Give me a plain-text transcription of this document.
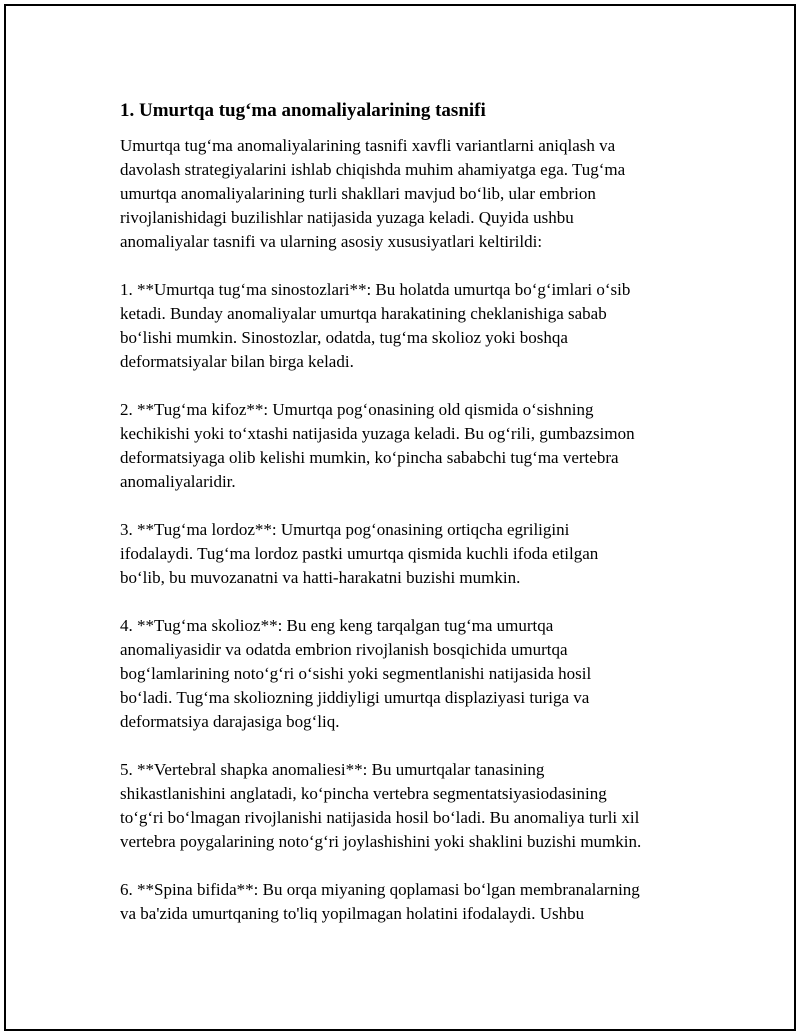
1. Umurtqa tug‘ma anomaliyalarining tasnifi

Umurtqa tug‘ma anomaliyalarining tasnifi xavfli variantlarni aniqlash va
davolash strategiyalarini ishlab chiqishda muhim ahamiyatga ega. Tug‘ma
umurtqa anomaliyalarining turli shakllari mavjud bo‘lib, ular embrion
rivojlanishidagi buzilishlar natijasida yuzaga keladi. Quyida ushbu
anomaliyalar tasnifi va ularning asosiy xususiyatlari keltirildi:

1. **Umurtqa tug‘ma sinostozlari**: Bu holatda umurtqa bo‘g‘imlari o‘sib
ketadi. Bunday anomaliyalar umurtqa harakatining cheklanishiga sabab
bo‘lishi mumkin. Sinostozlar, odatda, tug‘ma skolioz yoki boshqa
deformatsiyalar bilan birga keladi.

2. **Tug‘ma kifoz**: Umurtqa pog‘onasining old qismida o‘sishning
kechikishi yoki to‘xtashi natijasida yuzaga keladi. Bu og‘rili, gumbazsimon
deformatsiyaga olib kelishi mumkin, ko‘pincha sababchi tug‘ma vertebra
anomaliyalaridir.

3. **Tug‘ma lordoz**: Umurtqa pog‘onasining ortiqcha egriligini
ifodalaydi. Tug‘ma lordoz pastki umurtqa qismida kuchli ifoda etilgan
bo‘lib, bu muvozanatni va hatti-harakatni buzishi mumkin.

4. **Tug‘ma skolioz**: Bu eng keng tarqalgan tug‘ma umurtqa
anomaliyasidir va odatda embrion rivojlanish bosqichida umurtqa
bog‘lamlarining noto‘g‘ri o‘sishi yoki segmentlanishi natijasida hosil
bo‘ladi. Tug‘ma skoliozning jiddiyligi umurtqa displaziyasi turiga va
deformatsiya darajasiga bog‘liq.

5. **Vertebral shapka anomaliesi**: Bu umurtqalar tanasining
shikastlanishini anglatadi, ko‘pincha vertebra segmentatsiyasiodasining
to‘g‘ri bo‘lmagan rivojlanishi natijasida hosil bo‘ladi. Bu anomaliya turli xil
vertebra poygalarining noto‘g‘ri joylashishini yoki shaklini buzishi mumkin.

6. **Spina bifida**: Bu orqa miyaning qoplamasi bo‘lgan membranalarning
va ba'zida umurtqaning to'liq yopilmagan holatini ifodalaydi. Ushbu
